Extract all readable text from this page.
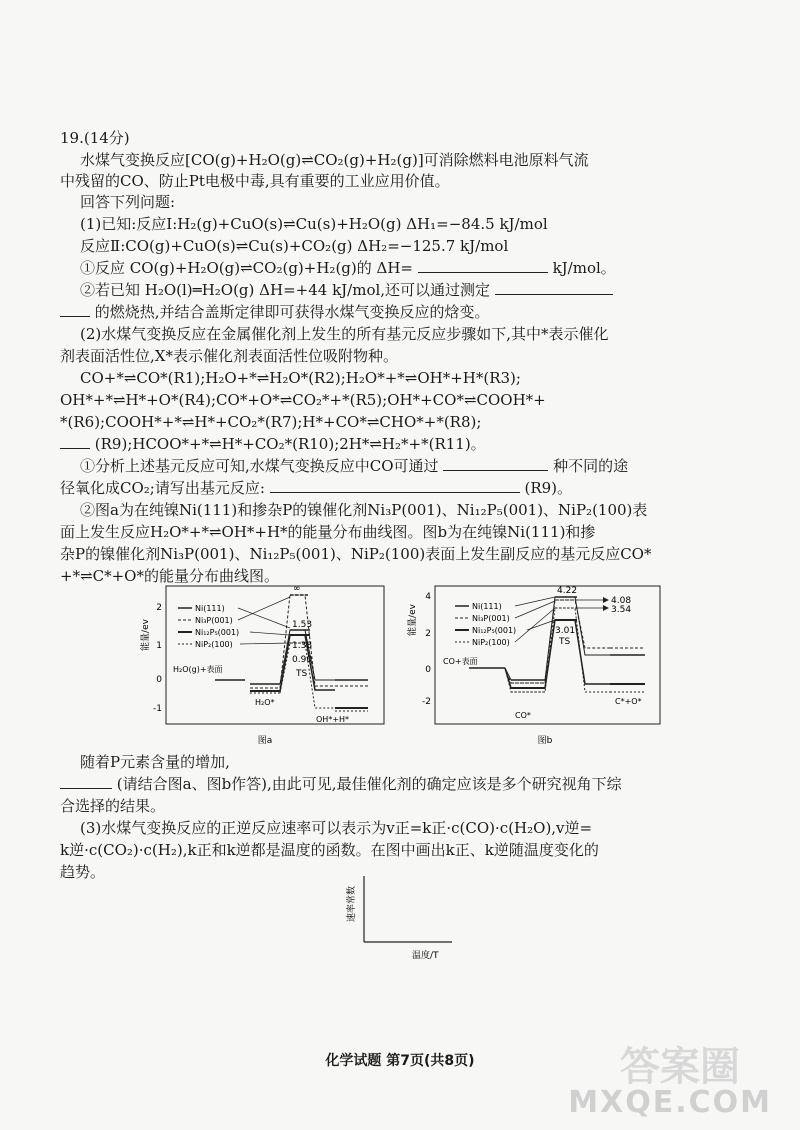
19.(14分)
水煤气变换反应[CO(g)+H₂O(g)⇌CO₂(g)+H₂(g)]可消除燃料电池原料气流
中残留的CO、防止Pt电极中毒,具有重要的工业应用价值。
回答下列问题:
(1)已知:反应Ⅰ:H₂(g)+CuO(s)⇌Cu(s)+H₂O(g) ΔH₁=−84.5 kJ/mol
反应Ⅱ:CO(g)+CuO(s)⇌Cu(s)+CO₂(g) ΔH₂=−125.7 kJ/mol
①反应 CO(g)+H₂O(g)⇌CO₂(g)+H₂(g)的 ΔH=	kJ/mol。
②若已知 H₂O(l)═H₂O(g) ΔH=+44 kJ/mol,还可以通过测定
的燃烧热,并结合盖斯定律即可获得水煤气变换反应的焓变。
(2)水煤气变换反应在金属催化剂上发生的所有基元反应步骤如下,其中*表示催化
剂表面活性位,X*表示催化剂表面活性位吸附物种。
CO+*⇌CO*(R1);H₂O+*⇌H₂O*(R2);H₂O*+*⇌OH*+H*(R3);
OH*+*⇌H*+O*(R4);CO*+O*⇌CO₂*+*(R5);OH*+CO*⇌COOH*+
*(R6);COOH*+*⇌H*+CO₂*(R7);H*+CO*⇌CHO*+*(R8);
(R9);HCOO*+*⇌H*+CO₂*(R10);2H*⇌H₂*+*(R11)。
①分析上述基元反应可知,水煤气变换反应中CO可通过	种不同的途
径氧化成CO₂;请写出基元反应:	(R9)。
②图a为在纯镍Ni(111)和掺杂P的镍催化剂Ni₃P(001)、Ni₁₂P₅(001)、NiP₂(100)表
面上发生反应H₂O*+*⇌OH*+H*的能量分布曲线图。图b为在纯镍Ni(111)和掺
杂P的镍催化剂Ni₃P(001)、Ni₁₂P₅(001)、NiP₂(100)表面上发生副反应的基元反应CO*
+*⇌C*+O*的能量分布曲线图。
能量/ev
2
1
0
-1
∞
1.53
1.38
0.90
TS
Ni(111)
Ni₃P(001)
Ni₁₂P₅(001)
NiP₂(100)
H₂O(g)+表面
H₂O*
OH*+H*
图a
能量/ev
4
2
0
-2
4.22
4.08
3.54
3.01
TS
Ni(111)
Ni₃P(001)
Ni₁₂P₅(001)
NiP₂(100)
CO+表面
CO*
C*+O*
图b
随着P元素含量的增加,
(请结合图a、图b作答),由此可见,最佳催化剂的确定应该是多个研究视角下综
合选择的结果。
(3)水煤气变换反应的正逆反应速率可以表示为v正=k正·c(CO)·c(H₂O),v逆=
k逆·c(CO₂)·c(H₂),k正和k逆都是温度的函数。在图中画出k正、k逆随温度变化的
趋势。
速率常数
温度/T
化学试题 第7页(共8页)	答案圈
MXQE.COM
